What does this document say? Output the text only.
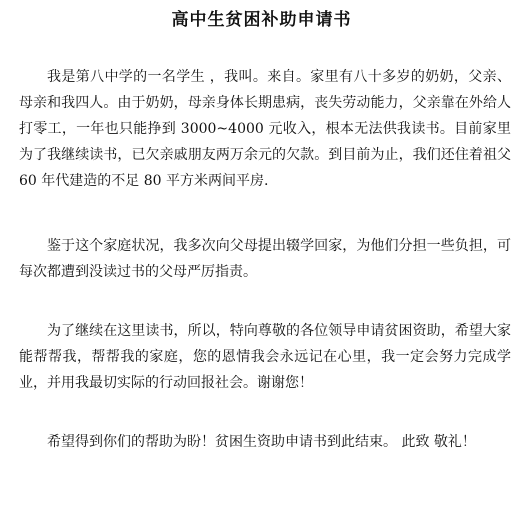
高中生贫困补助申请书

我是第八中学的一名学生 ，我叫。来自。家里有八十多岁的奶奶，父亲、母亲和我四人。由于奶奶，母亲身体长期患病，丧失劳动能力，父亲靠在外给人打零工，一年也只能挣到 3000~4000 元收入，根本无法供我读书。目前家里为了我继续读书，已欠亲戚朋友两万余元的欠款。到目前为止，我们还住着祖父 60 年代建造的不足 80 平方米两间平房.

鉴于这个家庭状况，我多次向父母提出辍学回家，为他们分担一些负担，可每次都遭到没读过书的父母严厉指责。

为了继续在这里读书，所以，特向尊敬的各位领导申请贫困资助，希望大家能帮帮我，帮帮我的家庭，您的恩情我会永远记在心里，我一定会努力完成学业，并用我最切实际的行动回报社会。谢谢您！

希望得到你们的帮助为盼！贫困生资助申请书到此结束。 此致 敬礼！
